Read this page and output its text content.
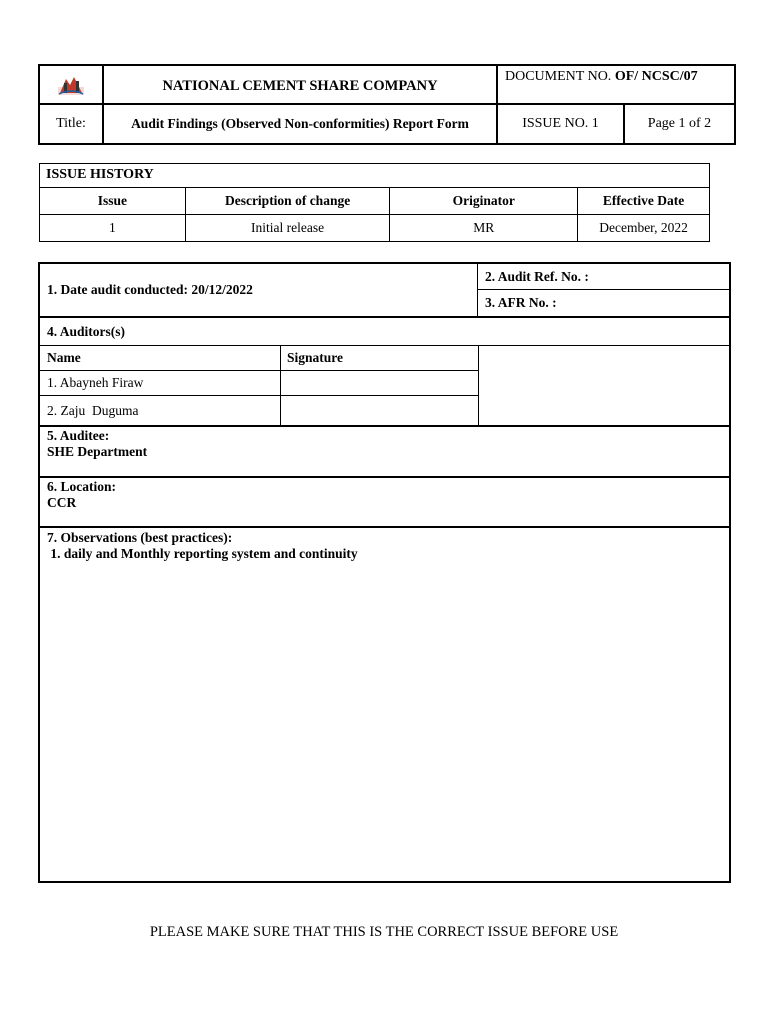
NATIONAL CEMENT SHARE COMPANY
DOCUMENT NO. OF/ NCSC/07
Title:	Audit Findings (Observed Non-conformities) Report Form	ISSUE NO. 1	Page 1 of 2
ISSUE HISTORY
Issue	Description of change	Originator	Effective Date
1	Initial release	MR	December, 2022
1. Date audit conducted: 20/12/2022
2. Audit Ref. No. :
3. AFR No. :
4. Auditors(s)
Name	Signature
1. Abayneh Firaw
2. Zaju  Duguma
5. Auditee:
SHE Department
6. Location:
CCR
7. Observations (best practices):
1. daily and Monthly reporting system and continuity
PLEASE MAKE SURE THAT THIS IS THE CORRECT ISSUE BEFORE USE
